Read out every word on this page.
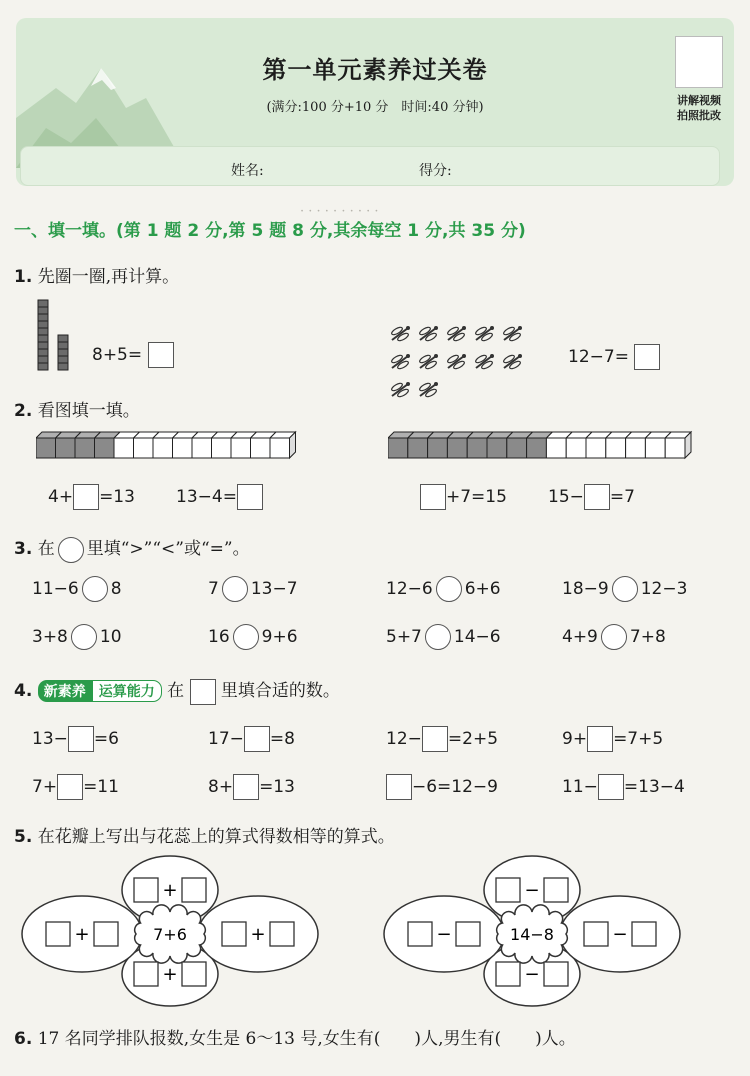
第一单元素养过关卷
(满分:100 分+10 分　时间:40 分钟)	讲解视频
拍照批改
姓名:	得分:
· · · · · · · · · ·
一、填一填。(第 1 题 2 分,第 5 题 8 分,其余每空 1 分,共 35 分)
1. 先圈一圈,再计算。
8+5=	12−7=
2. 看图填一填。
4+ =13 13−4=	+7=15 15− =7
3. 在 里填“>”“<”或“=”。
11−6 8	7 13−7	12−6 6+6	18−9 12−3
3+8 10	16 9+6	5+7 14−6	4+9 7+8
4. 新素养 运算能力 在 里填合适的数。
13− =6	17− =8	12− =2+5	9+ =7+5
7+ =11	8+ =13	−6=12−9	11− =13−4
5. 在花瓣上写出与花蕊上的算式得数相等的算式。
7+6
+
+
+	+	14−8
−
−
−	−
6. 17 名同学排队报数,女生是 6～13 号,女生有(　　)人,男生有(　　)人。
